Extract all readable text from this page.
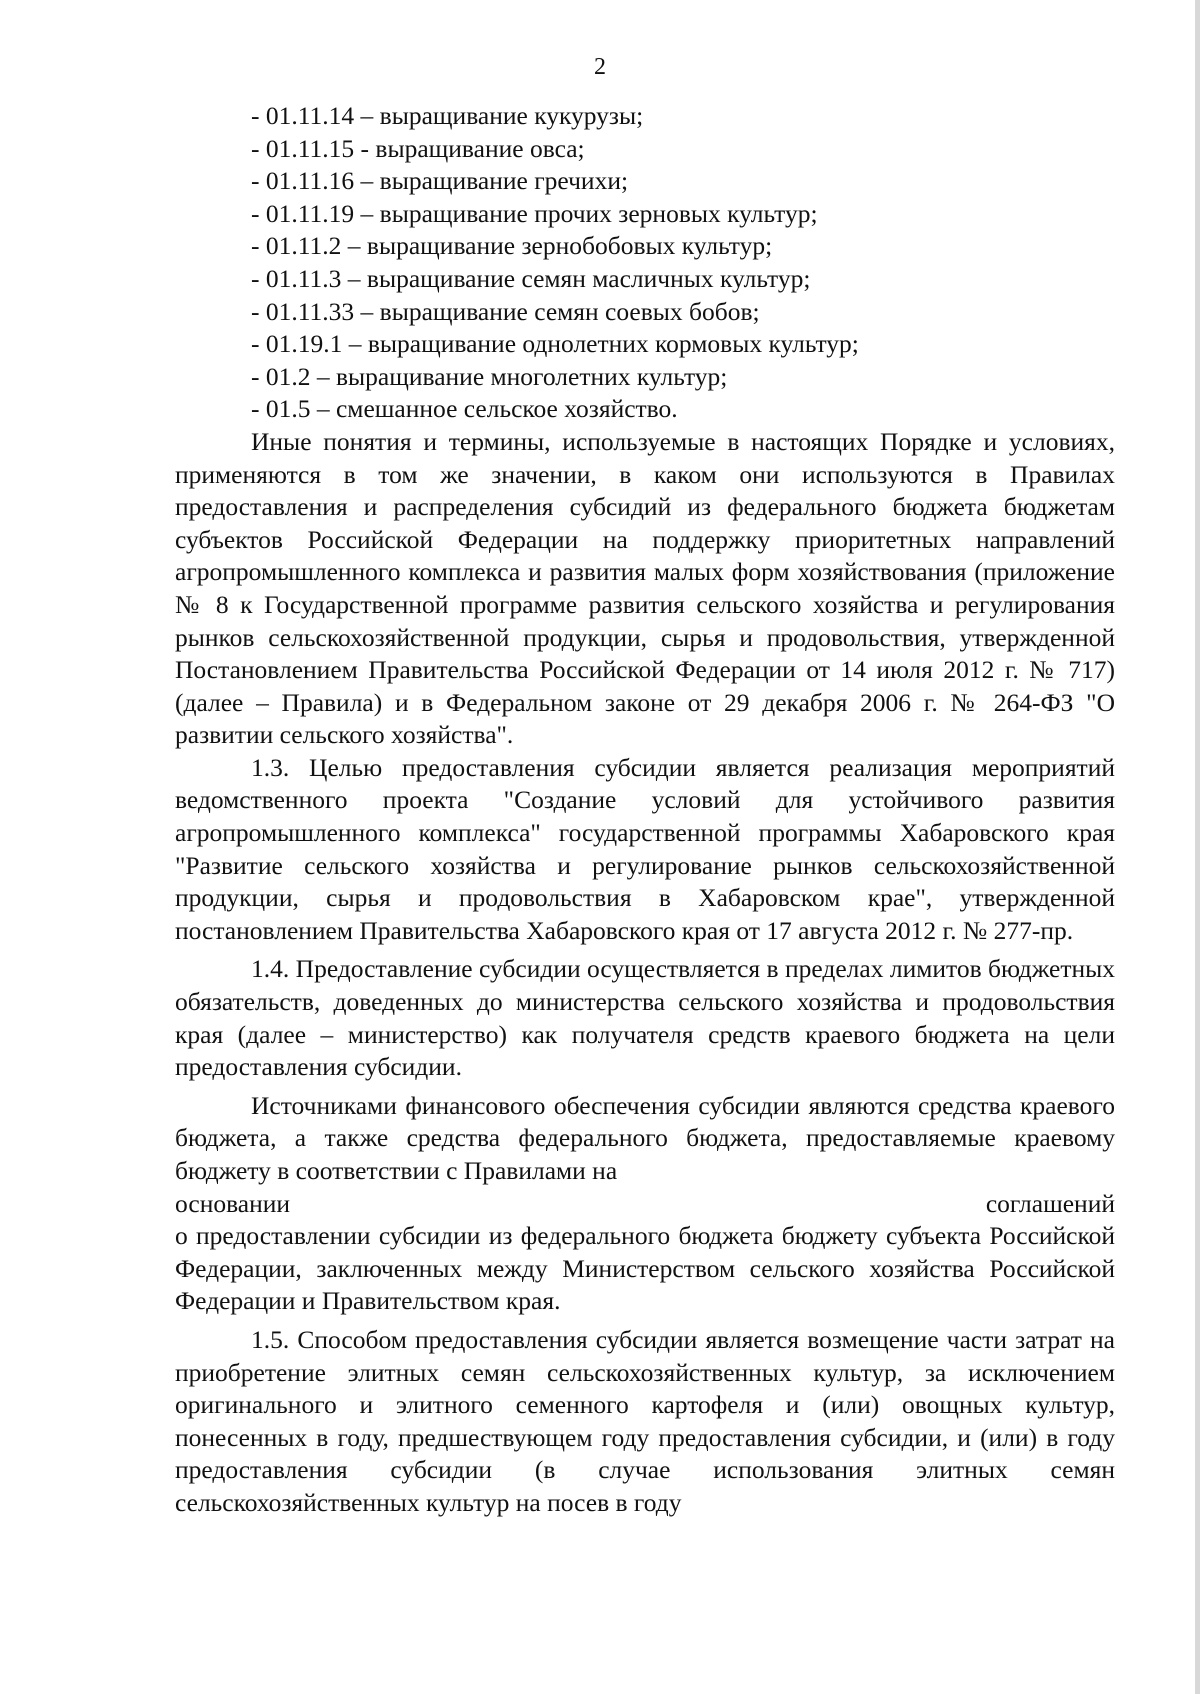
2

- 01.11.14 – выращивание кукурузы;

- 01.11.15 - выращивание овса;

- 01.11.16 – выращивание гречихи;

- 01.11.19 – выращивание прочих зерновых культур;

- 01.11.2 – выращивание зернобобовых культур;

- 01.11.3 – выращивание семян масличных культур;

- 01.11.33 – выращивание семян соевых бобов;

- 01.19.1 – выращивание однолетних кормовых культур;

- 01.2 – выращивание многолетних культур;

- 01.5 – смешанное сельское хозяйство.

Иные понятия и термины, используемые в настоящих Порядке и условиях, применяются в том же значении, в каком они используются в Правилах предоставления и распределения субсидий из федерального бюджета бюджетам субъектов Российской Федерации на поддержку приоритетных направлений агропромышленного комплекса и развития малых форм хозяйствования (приложение № 8 к Государственной программе развития сельского хозяйства и регулирования рынков сельскохозяйственной продукции, сырья и продовольствия, утвержденной Постановлением Правительства Российской Федерации от 14 июля 2012 г. № 717) (далее – Правила) и в Федеральном законе от 29 декабря 2006 г. № 264-ФЗ "О развитии сельского хозяйства".

1.3. Целью предоставления субсидии является реализация мероприятий ведомственного проекта "Создание условий для устойчивого развития агропромышленного комплекса" государственной программы Хабаровского края "Развитие сельского хозяйства и регулирование рынков сельскохозяйственной продукции, сырья и продовольствия в Хабаровском крае", утвержденной постановлением Правительства Хабаровского края от 17 августа 2012 г. № 277-пр.

1.4. Предоставление субсидии осуществляется в пределах лимитов бюджетных обязательств, доведенных до министерства сельского хозяйства и продовольствия края (далее – министерство) как получателя средств краевого бюджета на цели предоставления субсидии.

Источниками финансового обеспечения субсидии являются средства краевого бюджета, а также средства федерального бюджета, предоставляемые краевому бюджету в соответствии с Правилами на

основании	соглашений

о предоставлении субсидии из федерального бюджета бюджету субъекта Российской Федерации, заключенных между Министерством сельского хозяйства Российской Федерации и Правительством края.

1.5. Способом предоставления субсидии является возмещение части затрат на приобретение элитных семян сельскохозяйственных культур, за исключением оригинального и элитного семенного картофеля и (или) овощных культур, понесенных в году, предшествующем году предоставления субсидии, и (или) в году предоставления субсидии (в случае использования элитных семян сельскохозяйственных культур на посев в году
